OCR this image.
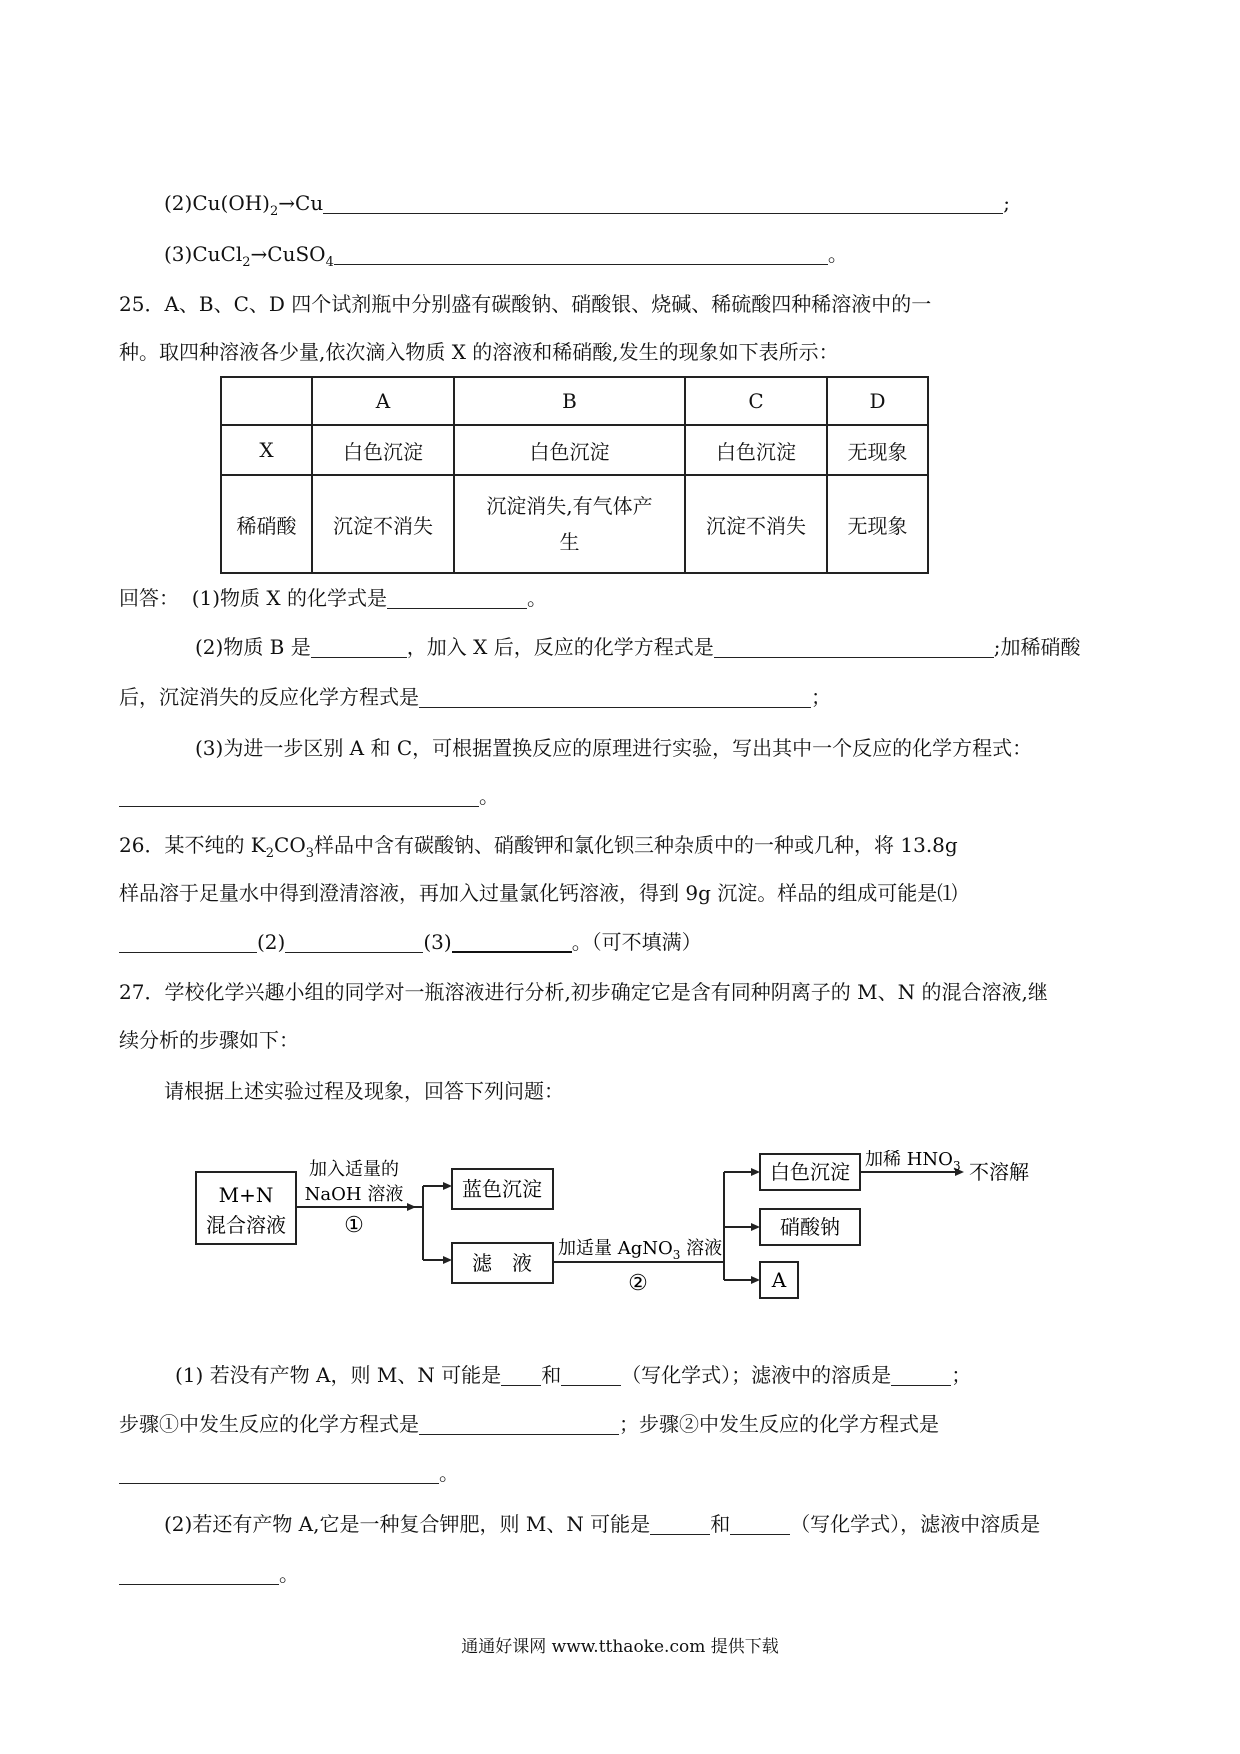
$(2)Cu(OH)_2\to Cu$	;
(3)CuCl$_2$→CuSO$_4$	。
25．A、B、C、D 四个试剂瓶中分别盛有碳酸钠、硝酸银、烧碱、稀硫酸四种稀溶液中的一
种。取四种溶液各少量,依次滴入物质 X 的溶液和稀硝酸,发生的现象如下表所示：
	A	B	C	D
X	白色沉淀	白色沉淀	白色沉淀	无现象
稀硝酸	沉淀不消失	沉淀消失,有气体产
生	沉淀不消失	无现象
回答： (1)物质 X 的化学式是	。
(2)物质 B 是	，加入 X 后，反应的化学方程式是	;加稀硝酸
后，沉淀消失的反应化学方程式是	；
(3)为进一步区别 A 和 C，可根据置换反应的原理进行实验，写出其中一个反应的化学方程式：
。
26．某不纯的 $K_2CO_3$样品中含有碳酸钠、硝酸钾和氯化钡三种杂质中的一种或几种，将 13.8g
样品溶于足量水中得到澄清溶液，再加入过量氯化钙溶液，得到 9g 沉淀。样品的组成可能是⑴
(2)	(3)	。（可不填满）
27．学校化学兴趣小组的同学对一瓶溶液进行分析,初步确定它是含有同种阴离子的 M、N 的混合溶液,继
续分析的步骤如下：
请根据上述实验过程及现象，回答下列问题：
M+N
混合溶液
加入适量的
NaOH 溶液
①
蓝色沉淀
滤　液
加适量 AgNO$_3$ 溶液
②
白色沉淀
硝酸钠
A
加稀 $HNO_3$ 不溶解
(1) 若没有产物 A，则 M、N 可能是 和	（写化学式）；滤液中的溶质是	；
步骤①中发生反应的化学方程式是	；步骤②中发生反应的化学方程式是
。
(2)若还有产物 A,它是一种复合钾肥，则 M、N 可能是	和	（写化学式），滤液中溶质是
。
通通好课网 www.tthaoke.com 提供下载
